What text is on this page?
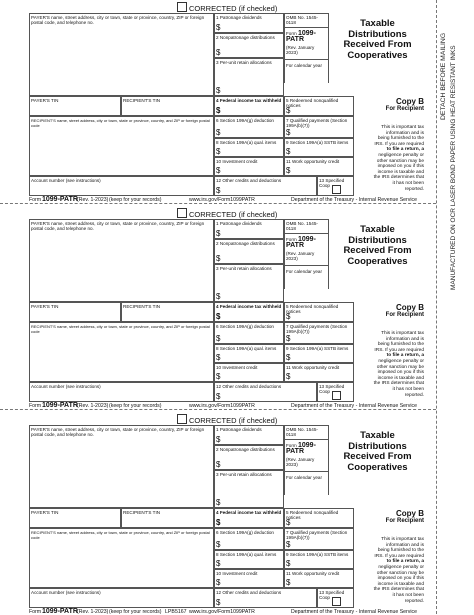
CORRECTED (if checked)
PAYER'S name, street address, city or town, state or province, country, ZIP or foreign postal code, and telephone no.
1 Patronage dividends
$
OMB No. 1545-0118
Form 1099-PATR
(Rev. January 2023)
For calendar year
2 Nonpatronage distributions
$
3 Per-unit retain allocations
$
Taxable
Distributions
Received From
Cooperatives
PAYER'S TIN	RECIPIENT'S TIN	4 Federal income tax withheld
$
5 Redeemed nonqualified notices
$
RECIPIENT'S name, street address, city or town, state or province, country, and ZIP or foreign postal code
6 Section 199A(g) deduction
$
7 Qualified payments (Section 199A(b)(7))
$
8 Section 199A(a) qual. items
$
9 Section 199A(a) SSTB items
$
10 Investment credit
$
11 Work opportunity credit
$
Account number (see instructions)	12 Other credits and deductions
$
13 Specified Coop
Copy B
For Recipient
This is important tax
information and is
being furnished to the
IRS. If you are required
to file a return, a
negligence penalty or
other sanction may be
imposed on you if this
income is taxable and
the IRS determines that
it has not been
reported.
Form 1099-PATR (Rev. 1-2023) (keep for your records)	www.irs.gov/Form1099PATR	Department of the Treasury - Internal Revenue Service
CORRECTED (if checked)
PAYER'S name, street address, city or town, state or province, country, ZIP or foreign postal code, and telephone no.
1 Patronage dividends
$
OMB No. 1545-0118
Form 1099-PATR
(Rev. January 2023)
For calendar year
2 Nonpatronage distributions
$
3 Per-unit retain allocations
$
Taxable
Distributions
Received From
Cooperatives
PAYER'S TIN	RECIPIENT'S TIN	4 Federal income tax withheld
$
5 Redeemed nonqualified notices
$
RECIPIENT'S name, street address, city or town, state or province, country, and ZIP or foreign postal code
6 Section 199A(g) deduction
$
7 Qualified payments (Section 199A(b)(7))
$
8 Section 199A(a) qual. items
$
9 Section 199A(a) SSTB items
$
10 Investment credit
$
11 Work opportunity credit
$
Account number (see instructions)	12 Other credits and deductions
$
13 Specified Coop
Copy B
For Recipient
This is important tax
information and is
being furnished to the
IRS. If you are required
to file a return, a
negligence penalty or
other sanction may be
imposed on you if this
income is taxable and
the IRS determines that
it has not been
reported.
Form 1099-PATR (Rev. 1-2023) (keep for your records)	www.irs.gov/Form1099PATR	Department of the Treasury - Internal Revenue Service
CORRECTED (if checked)
PAYER'S name, street address, city or town, state or province, country, ZIP or foreign postal code, and telephone no.
1 Patronage dividends
$
OMB No. 1545-0118
Form 1099-PATR
(Rev. January 2023)
For calendar year
2 Nonpatronage distributions
$
3 Per-unit retain allocations
$
Taxable
Distributions
Received From
Cooperatives
PAYER'S TIN	RECIPIENT'S TIN	4 Federal income tax withheld
$
5 Redeemed nonqualified notices
$
RECIPIENT'S name, street address, city or town, state or province, country, and ZIP or foreign postal code
6 Section 199A(g) deduction
$
7 Qualified payments (Section 199A(b)(7))
$
8 Section 199A(a) qual. items
$
9 Section 199A(a) SSTB items
$
10 Investment credit
$
11 Work opportunity credit
$
Account number (see instructions)	12 Other credits and deductions
$
13 Specified Coop
Copy B
For Recipient
This is important tax
information and is
being furnished to the
IRS. If you are required
to file a return, a
negligence penalty or
other sanction may be
imposed on you if this
income is taxable and
the IRS determines that
it has not been
reported.
Form 1099-PATR (Rev. 1-2023) (keep for your records)	5167
LPB	www.irs.gov/Form1099PATR	Department of the Treasury - Internal Revenue Service
DETACH BEFORE MAILING MANUFACTURED ON OCR LASER BOND PAPER USING HEAT RESISTANT INKS
